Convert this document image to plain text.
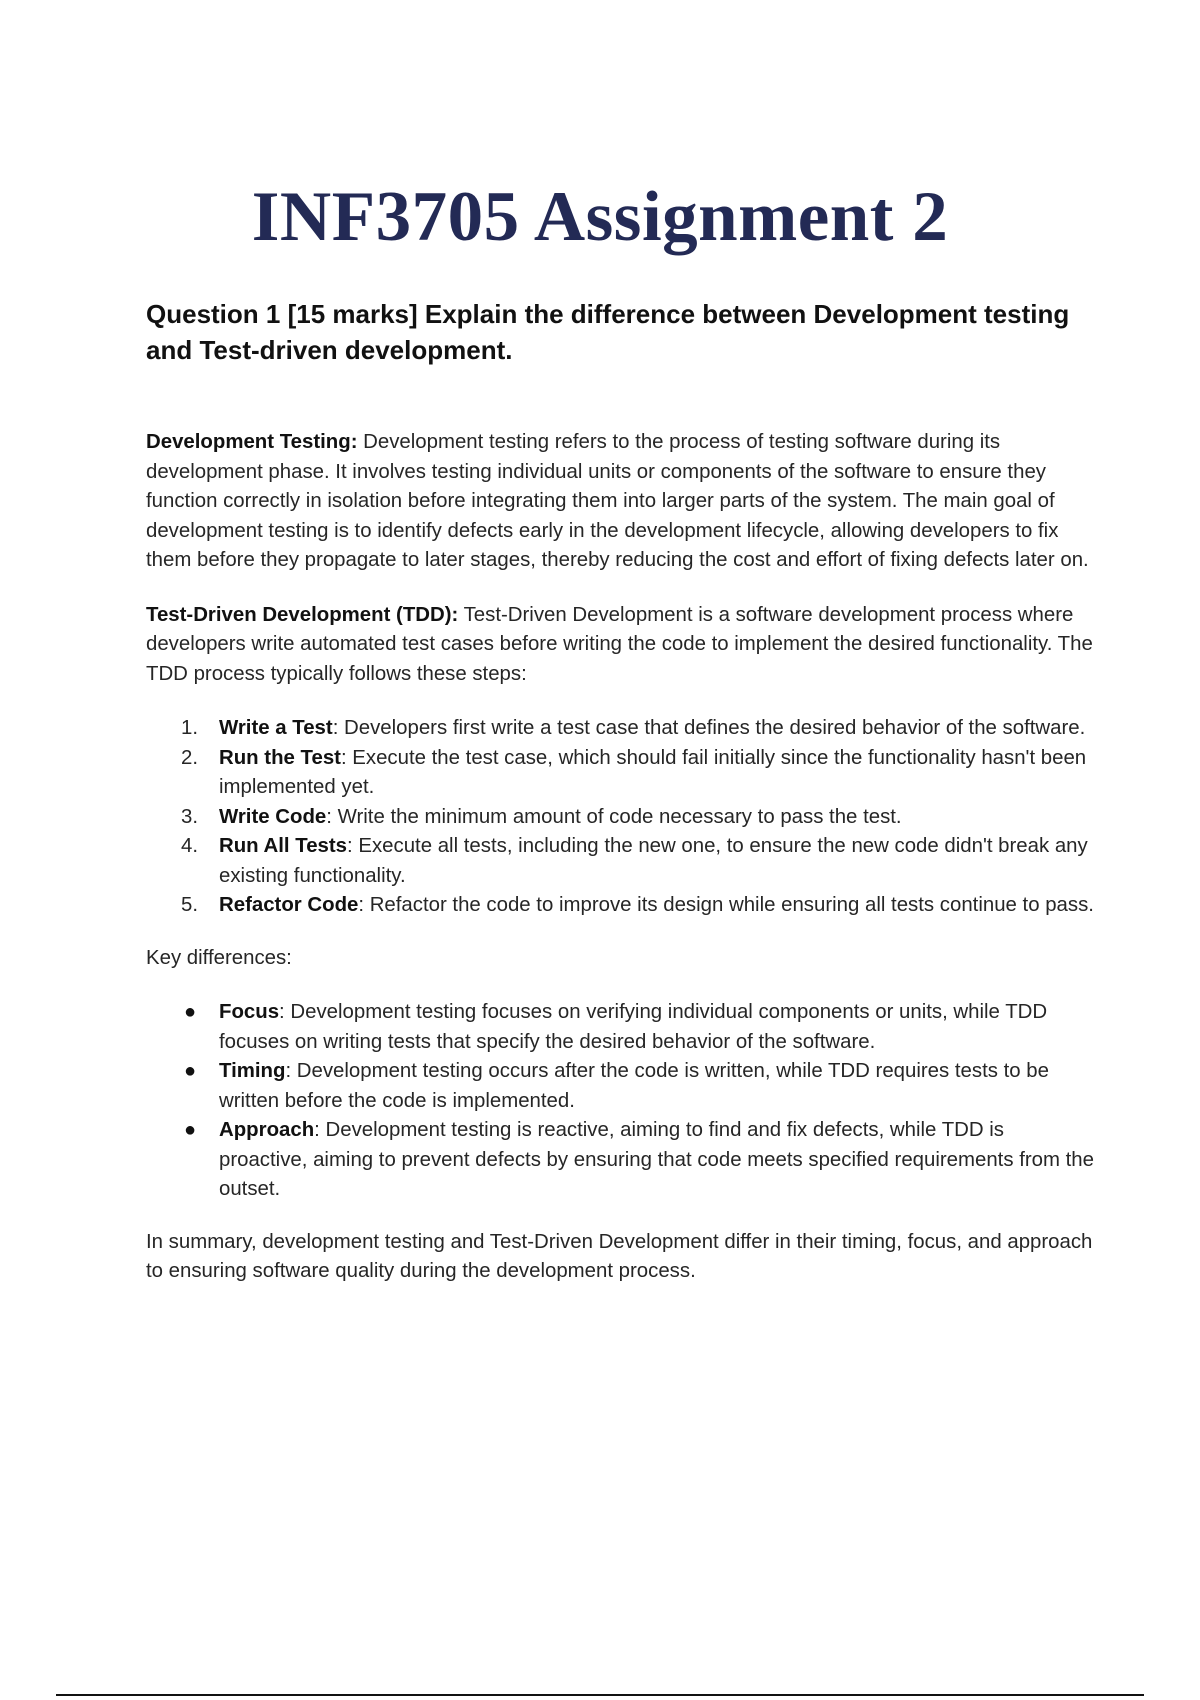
INF3705 Assignment 2
Question 1 [15 marks] Explain the difference between Development testing and Test-driven development.

Development Testing: Development testing refers to the process of testing software during its development phase. It involves testing individual units or components of the software to ensure they function correctly in isolation before integrating them into larger parts of the system. The main goal of development testing is to identify defects early in the development lifecycle, allowing developers to fix them before they propagate to later stages, thereby reducing the cost and effort of fixing defects later on.

Test-Driven Development (TDD): Test-Driven Development is a software development process where developers write automated test cases before writing the code to implement the desired functionality. The TDD process typically follows these steps:

1.	Write a Test: Developers first write a test case that defines the desired behavior of the software.
2.	Run the Test: Execute the test case, which should fail initially since the functionality hasn't been implemented yet.
3.	Write Code: Write the minimum amount of code necessary to pass the test.
4.	Run All Tests: Execute all tests, including the new one, to ensure the new code didn't break any existing functionality.
5.	Refactor Code: Refactor the code to improve its design while ensuring all tests continue to pass.

Key differences:

● Focus: Development testing focuses on verifying individual components or units, while TDD focuses on writing tests that specify the desired behavior of the software.
● Timing: Development testing occurs after the code is written, while TDD requires tests to be written before the code is implemented.
● Approach: Development testing is reactive, aiming to find and fix defects, while TDD is proactive, aiming to prevent defects by ensuring that code meets specified requirements from the outset.

In summary, development testing and Test-Driven Development differ in their timing, focus, and approach to ensuring software quality during the development process.
